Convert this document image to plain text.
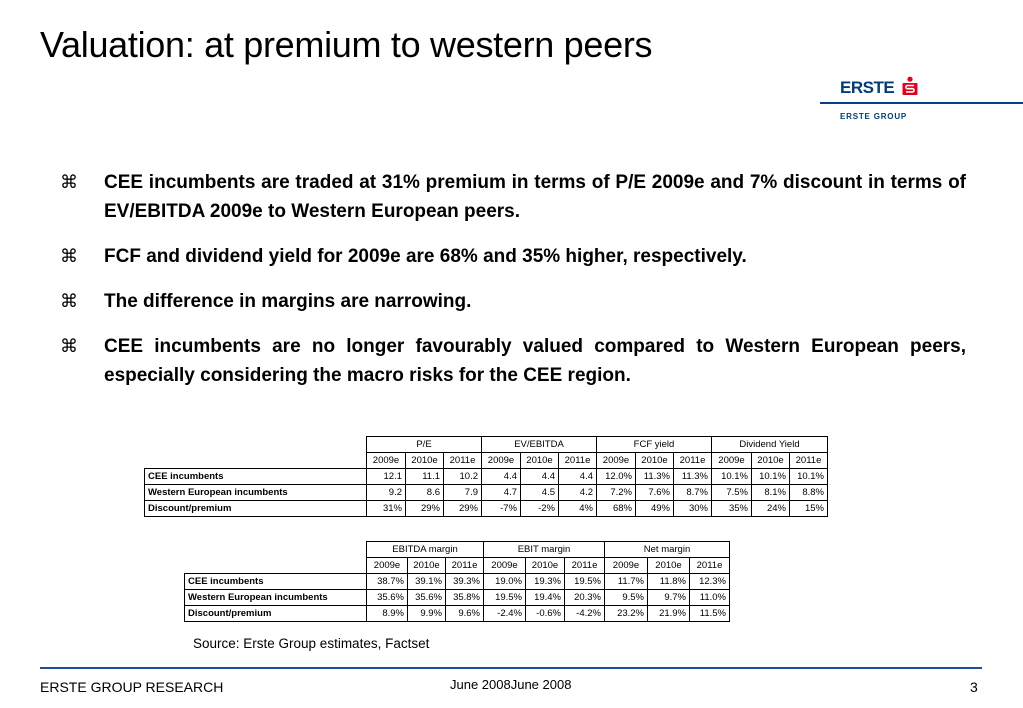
Valuation: at premium to western peers
ERSTE
ERSTE GROUP
⌘ CEE incumbents are traded at 31% premium in terms of P/E 2009e and 7% discount in terms of EV/EBITDA 2009e to Western European peers.
⌘ FCF and dividend yield for 2009e are 68% and 35% higher, respectively.
⌘ The difference in margins are narrowing.
⌘ CEE incumbents are no longer favourably valued compared to Western European peers, especially considering the macro risks for the CEE region.
	P/E			EV/EBITDA			FCF yield			Dividend Yield		
	2009e	2010e	2011e	2009e	2010e	2011e	2009e	2010e	2011e	2009e	2010e	2011e
CEE incumbents	12.1	11.1	10.2	4.4	4.4	4.4	12.0%	11.3%	11.3%	10.1%	10.1%	10.1%
Western European incumbents	9.2	8.6	7.9	4.7	4.5	4.2	7.2%	7.6%	8.7%	7.5%	8.1%	8.8%
Discount/premium	31%	29%	29%	-7%	-2%	4%	68%	49%	30%	35%	24%	15%
	EBITDA margin			EBIT margin			Net margin		
	2009e	2010e	2011e	2009e	2010e	2011e	2009e	2010e	2011e
CEE incumbents	38.7%	39.1%	39.3%	19.0%	19.3%	19.5%	11.7%	11.8%	12.3%
Western European incumbents	35.6%	35.6%	35.8%	19.5%	19.4%	20.3%	9.5%	9.7%	11.0%
Discount/premium	8.9%	9.9%	9.6%	-2.4%	-0.6%	-4.2%	23.2%	21.9%	11.5%
Source: Erste Group estimates, Factset
ERSTE GROUP RESEARCH	June 2008June 2008	3
